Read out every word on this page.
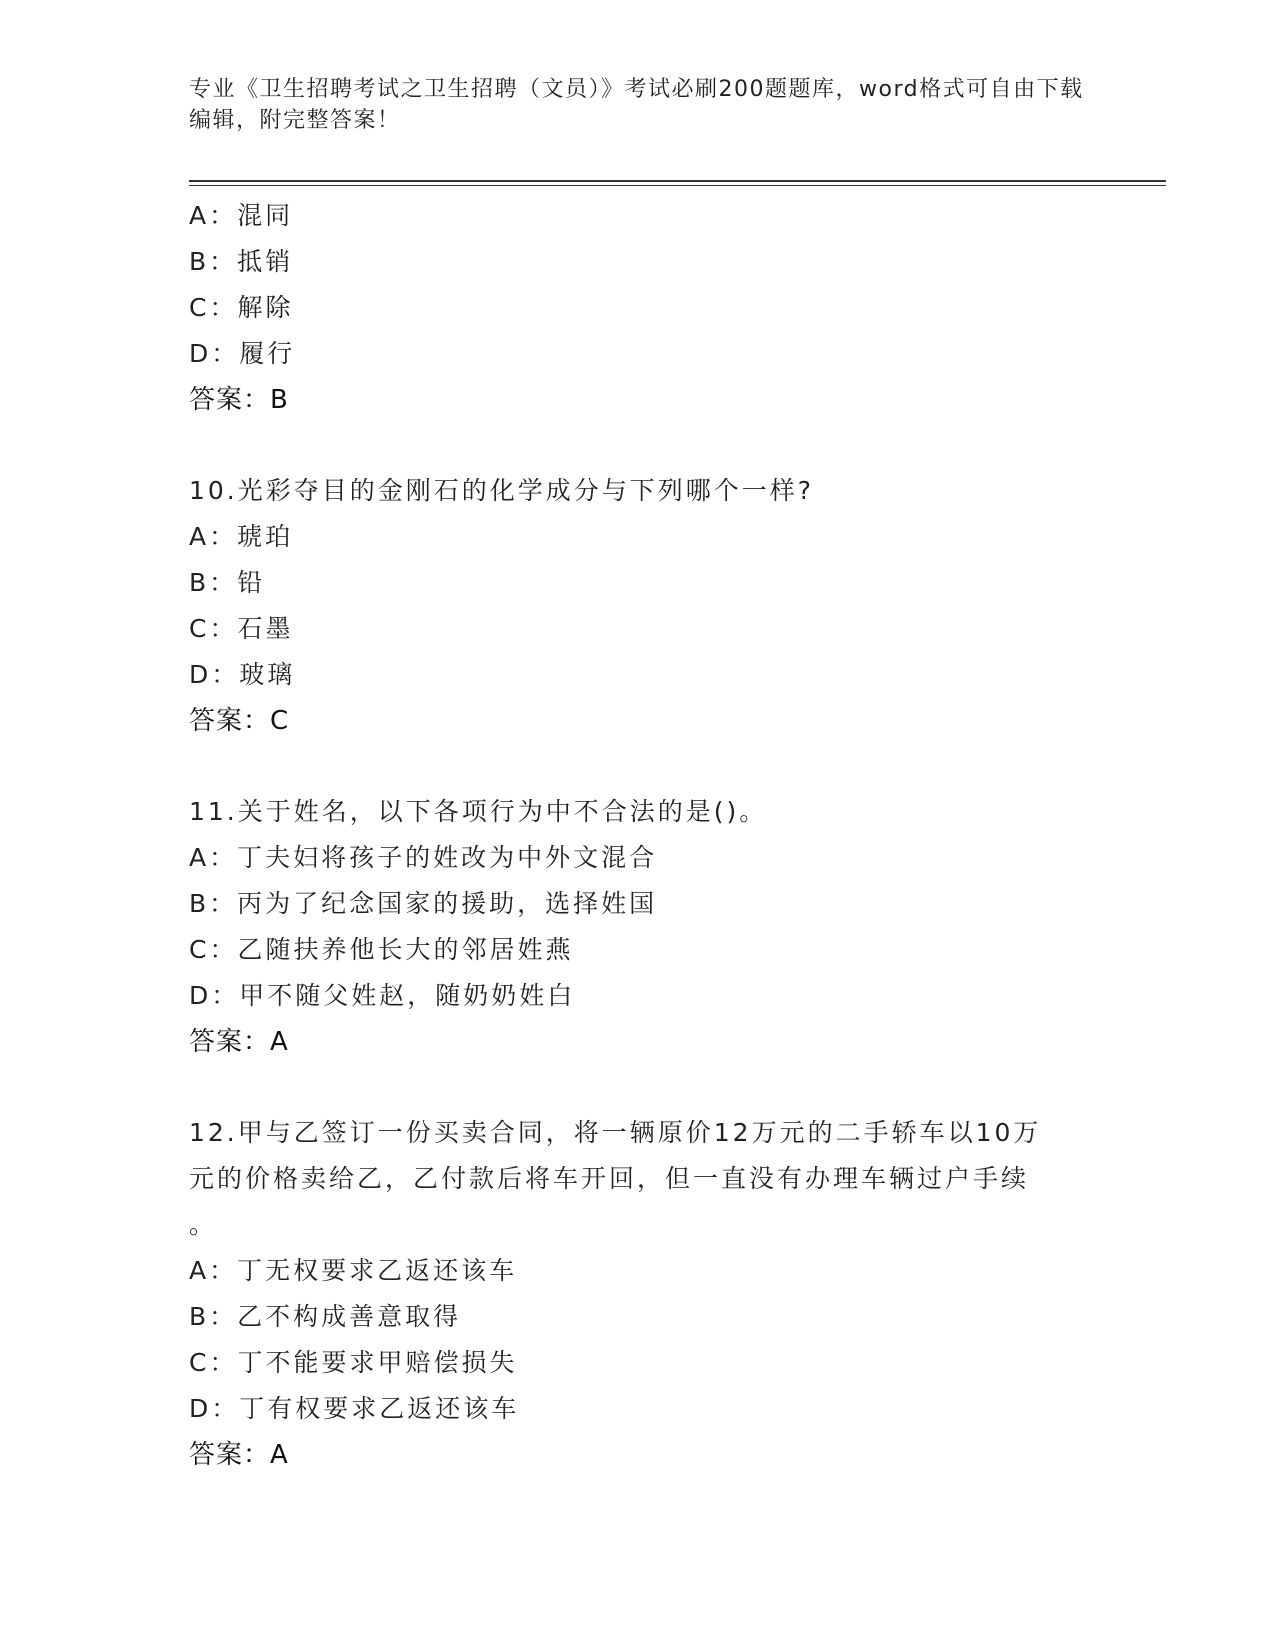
专业《卫生招聘考试之卫生招聘（文员）》考试必刷200题题库，word格式可自由下载编辑，附完整答案！
A：混同
B：抵销
C：解除
D：履行
答案：B
10.光彩夺目的金刚石的化学成分与下列哪个一样?
A：琥珀
B：铅
C：石墨
D：玻璃
答案：C
11.关于姓名，以下各项行为中不合法的是()。
A：丁夫妇将孩子的姓改为中外文混合
B：丙为了纪念国家的援助，选择姓国
C：乙随扶养他长大的邻居姓燕
D：甲不随父姓赵，随奶奶姓白
答案：A
12.甲与乙签订一份买卖合同，将一辆原价12万元的二手轿车以10万
元的价格卖给乙，乙付款后将车开回，但一直没有办理车辆过户手续
。
A：丁无权要求乙返还该车
B：乙不构成善意取得
C：丁不能要求甲赔偿损失
D：丁有权要求乙返还该车
答案：A
